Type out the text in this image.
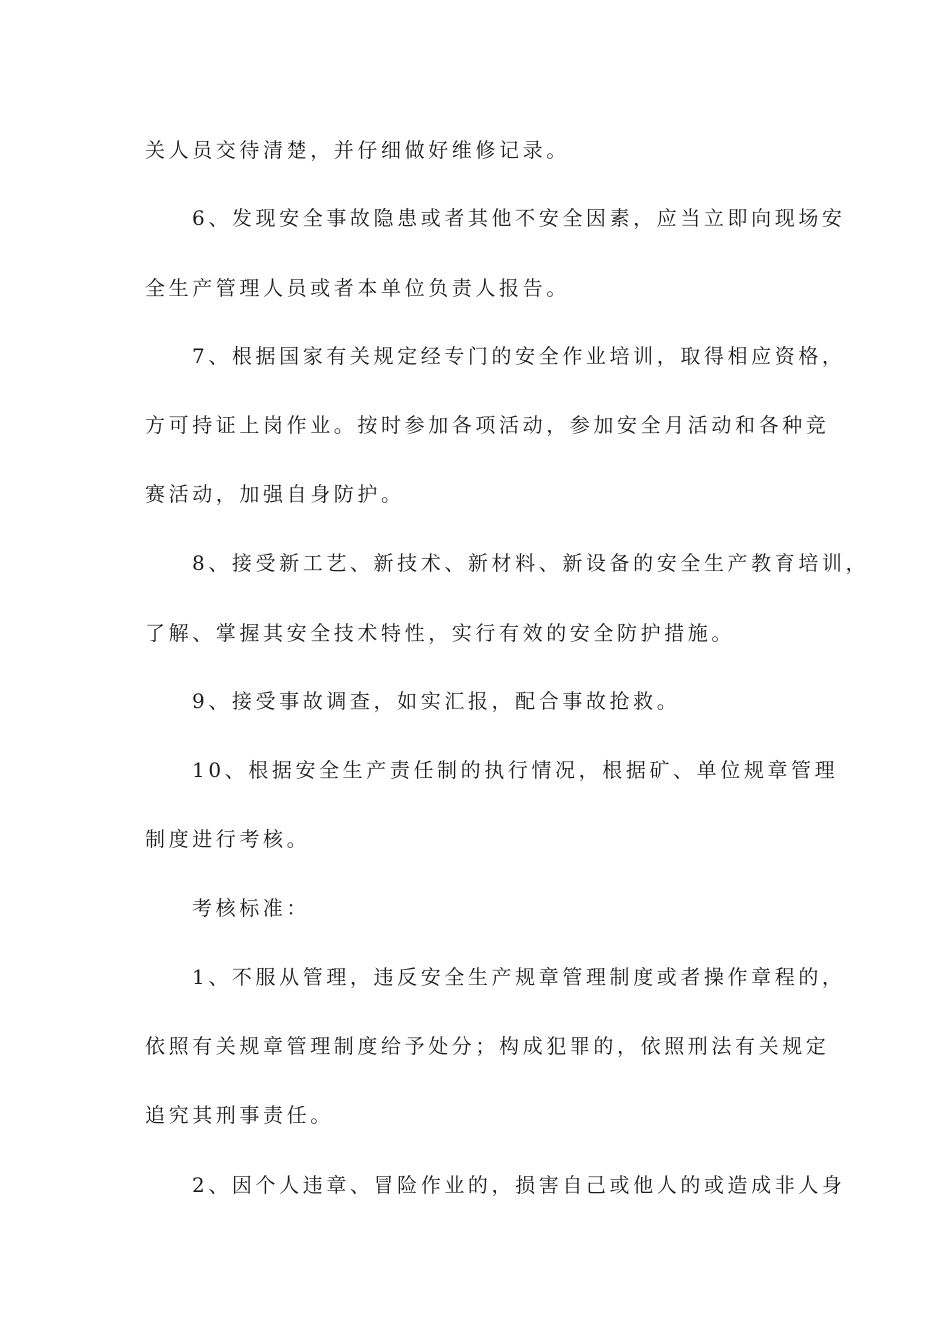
关人员交待清楚，并仔细做好维修记录。
6、发现安全事故隐患或者其他不安全因素，应当立即向现场安
全生产管理人员或者本单位负责人报告。
7、根据国家有关规定经专门的安全作业培训，取得相应资格，
方可持证上岗作业。按时参加各项活动，参加安全月活动和各种竞
赛活动，加强自身防护。
8、接受新工艺、新技术、新材料、新设备的安全生产教育培训，
了解、掌握其安全技术特性，实行有效的安全防护措施。
9、接受事故调查，如实汇报，配合事故抢救。
10、根据安全生产责任制的执行情况，根据矿、单位规章管理
制度进行考核。
考核标准：
1、不服从管理，违反安全生产规章管理制度或者操作章程的，
依照有关规章管理制度给予处分；构成犯罪的，依照刑法有关规定
追究其刑事责任。
2、因个人违章、冒险作业的，损害自己或他人的或造成非人身
